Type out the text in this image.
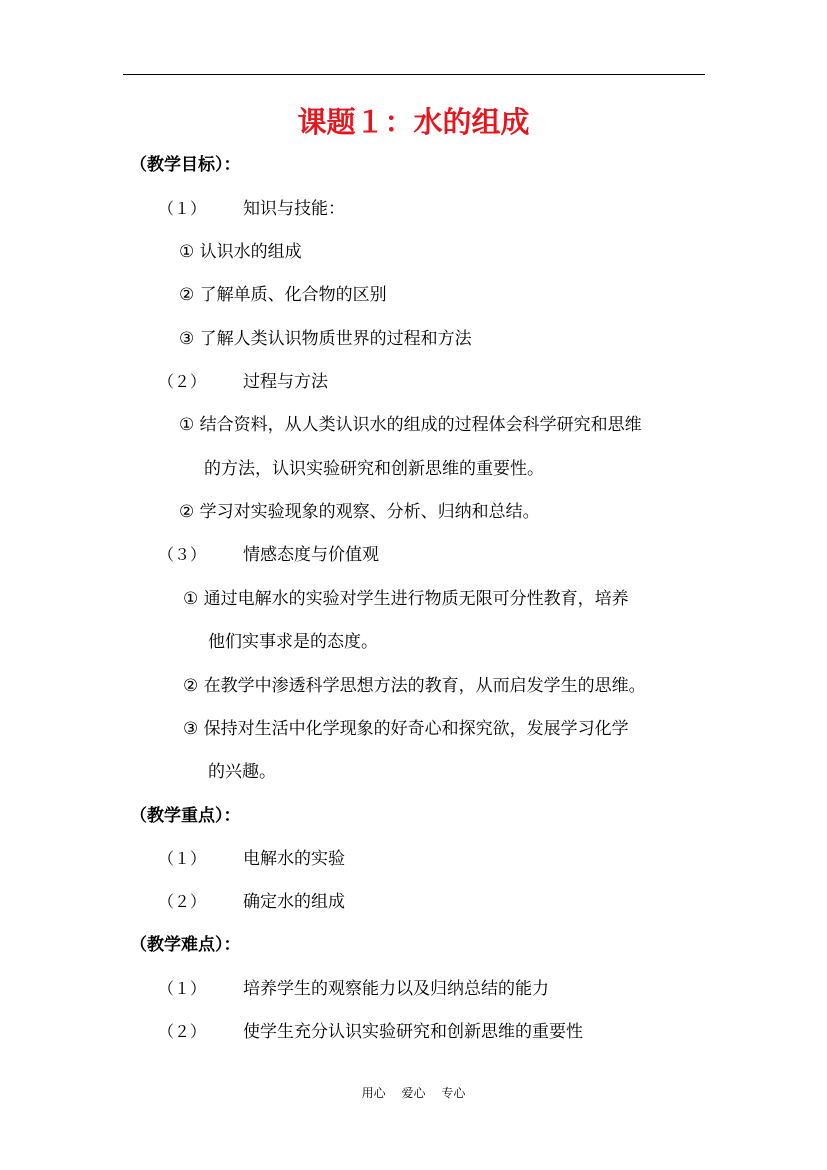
课题１：水的组成
（教学目标）：
（１） 知识与技能：
① 认识水的组成
② 了解单质、化合物的区别
③ 了解人类认识物质世界的过程和方法
（２） 过程与方法
① 结合资料，从人类认识水的组成的过程体会科学研究和思维
的方法，认识实验研究和创新思维的重要性。
② 学习对实验现象的观察、分析、归纳和总结。
（３） 情感态度与价值观
① 通过电解水的实验对学生进行物质无限可分性教育，培养
他们实事求是的态度。
② 在教学中渗透科学思想方法的教育，从而启发学生的思维。
③ 保持对生活中化学现象的好奇心和探究欲，发展学习化学
的兴趣。
（教学重点）：
（１） 电解水的实验
（２） 确定水的组成
（教学难点）：
（１） 培养学生的观察能力以及归纳总结的能力
（２） 使学生充分认识实验研究和创新思维的重要性
用心 爱心 专心
